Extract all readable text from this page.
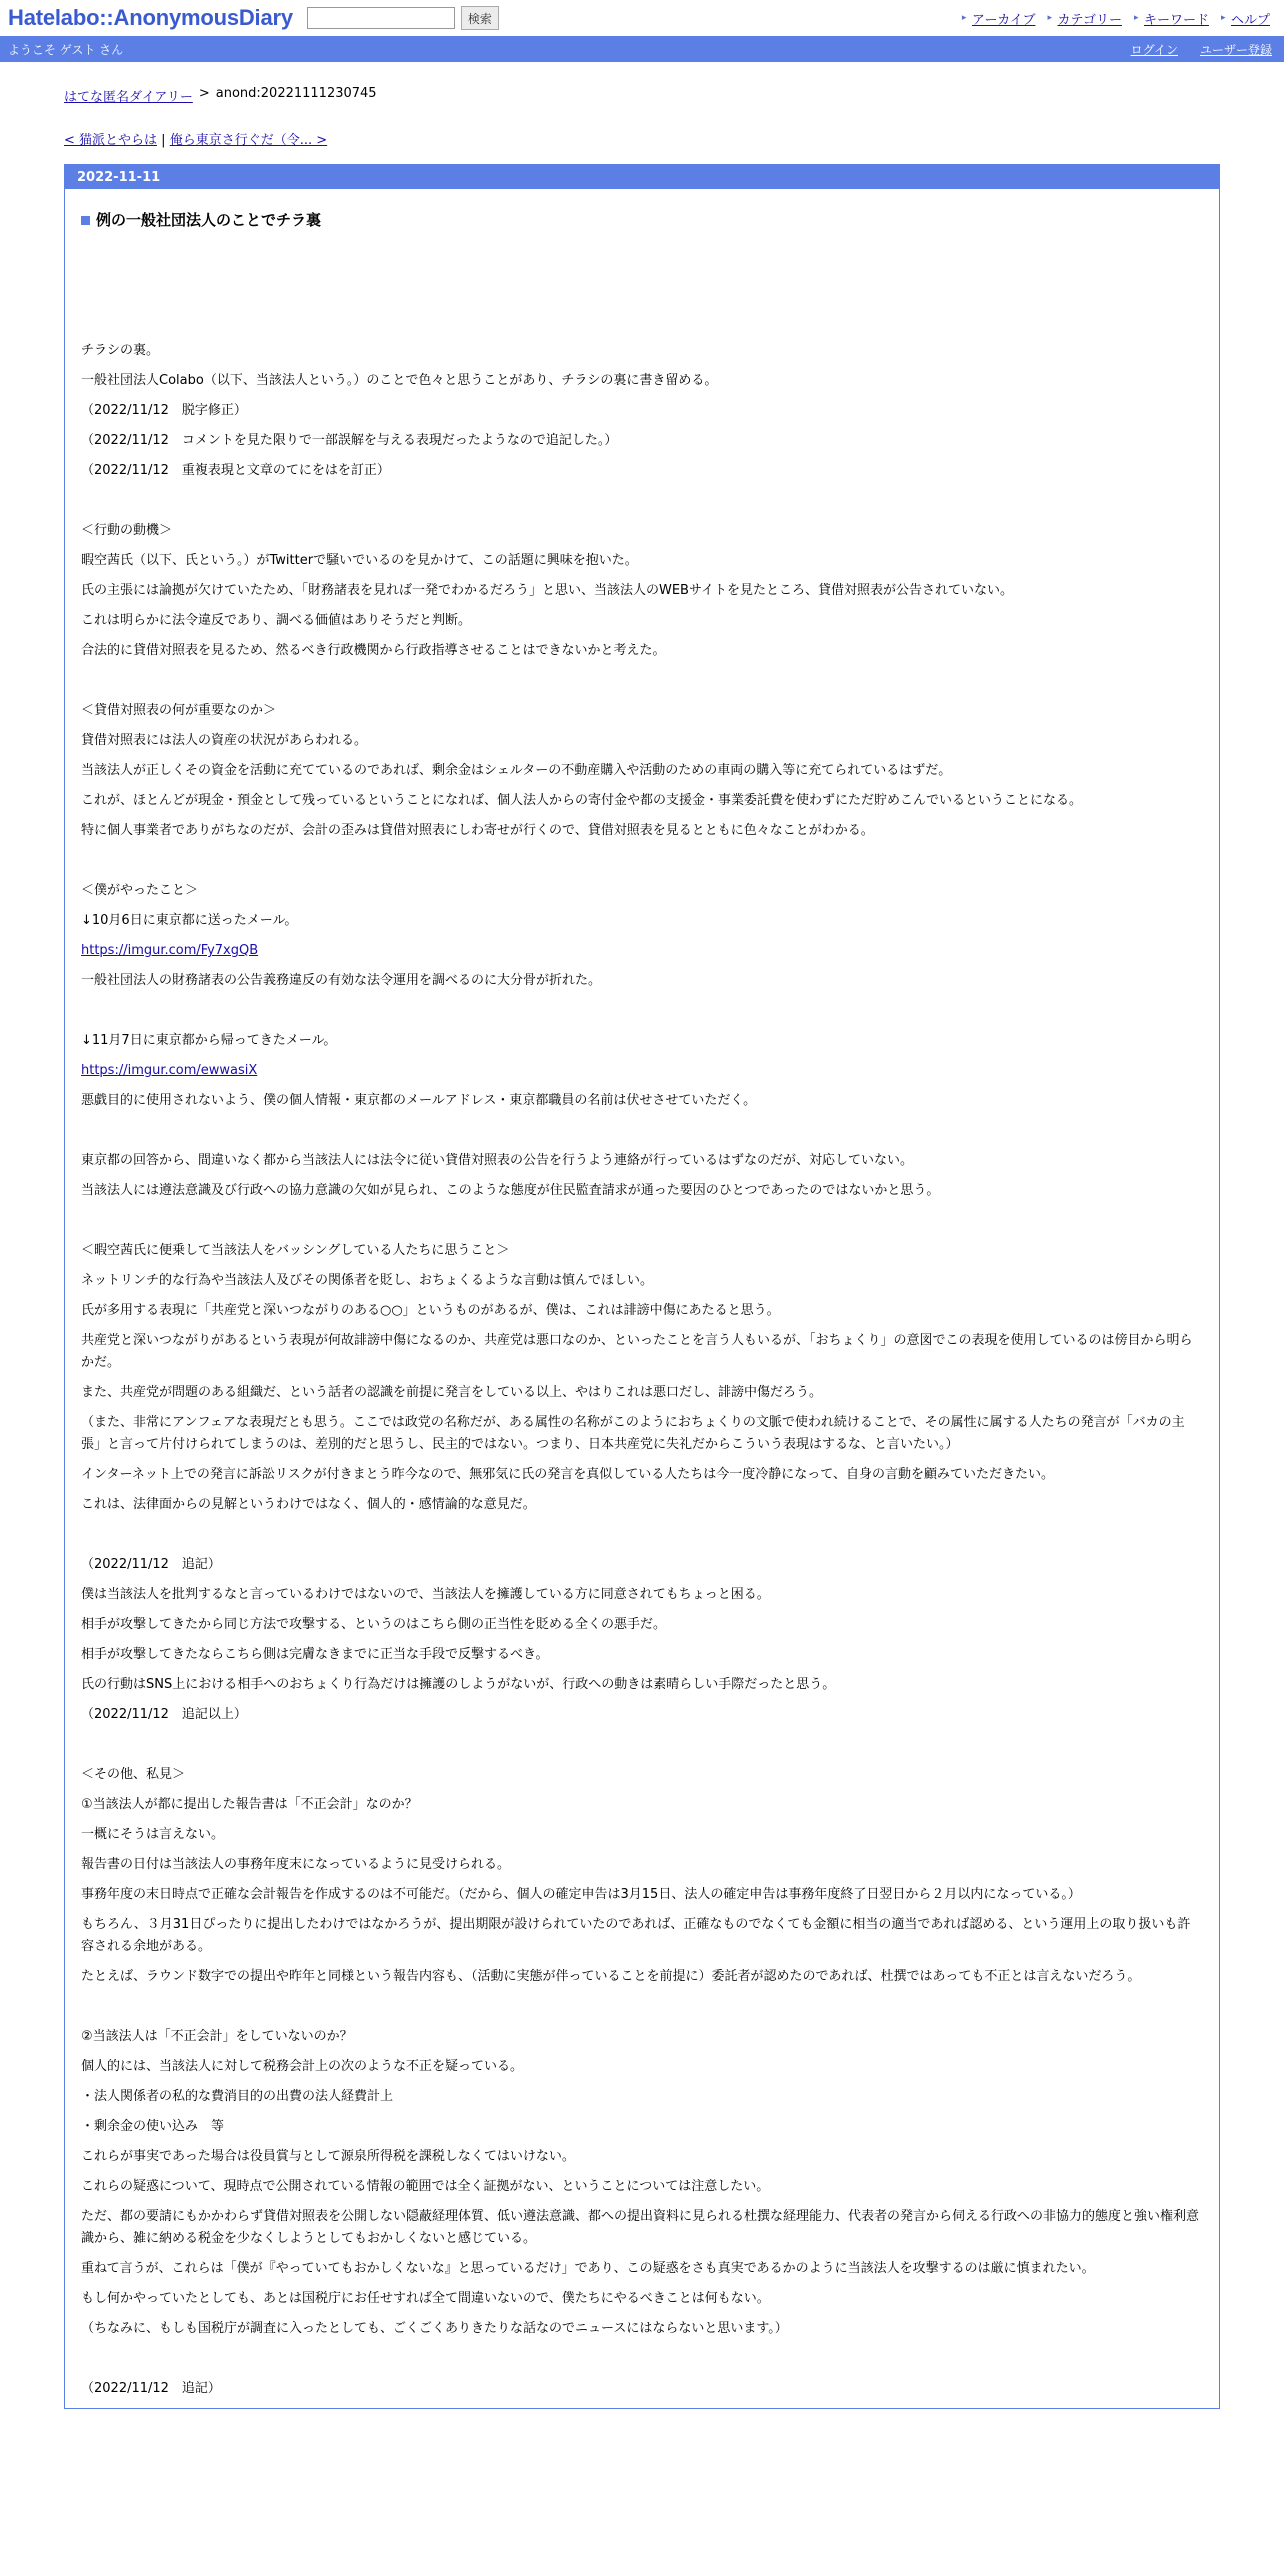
Hatelabo::AnonymousDiary	検索	▸ アーカイブ ▸ カテゴリー ▸ キーワード ▸ ヘルプ
ようこそ ゲスト さん	ログイン ユーザー登録
はてな匿名ダイアリー > anond:20221111230745
< 猫派とやらは | 俺ら東京さ行ぐだ（令... >
2022-11-11
例の一般社団法人のことでチラ裏

チラシの裏。

一般社団法人Colabo（以下、当該法人という。）のことで色々と思うことがあり、チラシの裏に書き留める。

（2022/11/12　脱字修正）

（2022/11/12　コメントを見た限りで一部誤解を与える表現だったようなので追記した。）

（2022/11/12　重複表現と文章のてにをはを訂正）

＜行動の動機＞

暇空茜氏（以下、氏という。）がTwitterで騒いでいるのを見かけて、この話題に興味を抱いた。

氏の主張には論拠が欠けていたため、「財務諸表を見れば一発でわかるだろう」と思い、当該法人のWEBサイトを見たところ、貸借対照表が公告されていない。

これは明らかに法令違反であり、調べる価値はありそうだと判断。

合法的に貸借対照表を見るため、然るべき行政機関から行政指導させることはできないかと考えた。

＜貸借対照表の何が重要なのか＞

貸借対照表には法人の資産の状況があらわれる。

当該法人が正しくその資金を活動に充てているのであれば、剰余金はシェルターの不動産購入や活動のための車両の購入等に充てられているはずだ。

これが、ほとんどが現金・預金として残っているということになれば、個人法人からの寄付金や都の支援金・事業委託費を使わずにただ貯めこんでいるということになる。

特に個人事業者でありがちなのだが、会計の歪みは貸借対照表にしわ寄せが行くので、貸借対照表を見るとともに色々なことがわかる。

＜僕がやったこと＞

↓10月6日に東京都に送ったメール。

https://imgur.com/Fy7xgQB

一般社団法人の財務諸表の公告義務違反の有効な法令運用を調べるのに大分骨が折れた。

↓11月7日に東京都から帰ってきたメール。

https://imgur.com/ewwasiX

悪戯目的に使用されないよう、僕の個人情報・東京都のメールアドレス・東京都職員の名前は伏せさせていただく。

東京都の回答から、間違いなく都から当該法人には法令に従い貸借対照表の公告を行うよう連絡が行っているはずなのだが、対応していない。

当該法人には遵法意識及び行政への協力意識の欠如が見られ、このような態度が住民監査請求が通った要因のひとつであったのではないかと思う。

＜暇空茜氏に便乗して当該法人をバッシングしている人たちに思うこと＞

ネットリンチ的な行為や当該法人及びその関係者を貶し、おちょくるような言動は慎んでほしい。

氏が多用する表現に「共産党と深いつながりのある○○」というものがあるが、僕は、これは誹謗中傷にあたると思う。

共産党と深いつながりがあるという表現が何故誹謗中傷になるのか、共産党は悪口なのか、といったことを言う人もいるが、「おちょくり」の意図でこの表現を使用しているのは傍目から明らかだ。

また、共産党が問題のある組織だ、という話者の認識を前提に発言をしている以上、やはりこれは悪口だし、誹謗中傷だろう。

（また、非常にアンフェアな表現だとも思う。ここでは政党の名称だが、ある属性の名称がこのようにおちょくりの文脈で使われ続けることで、その属性に属する人たちの発言が「バカの主張」と言って片付けられてしまうのは、差別的だと思うし、民主的ではない。つまり、日本共産党に失礼だからこういう表現はするな、と言いたい。）

インターネット上での発言に訴訟リスクが付きまとう昨今なので、無邪気に氏の発言を真似している人たちは今一度冷静になって、自身の言動を顧みていただきたい。

これは、法律面からの見解というわけではなく、個人的・感情論的な意見だ。

（2022/11/12　追記）

僕は当該法人を批判するなと言っているわけではないので、当該法人を擁護している方に同意されてもちょっと困る。

相手が攻撃してきたから同じ方法で攻撃する、というのはこちら側の正当性を貶める全くの悪手だ。

相手が攻撃してきたならこちら側は完膚なきまでに正当な手段で反撃するべき。

氏の行動はSNS上における相手へのおちょくり行為だけは擁護のしようがないが、行政への動きは素晴らしい手際だったと思う。

（2022/11/12　追記以上）

＜その他、私見＞

①当該法人が都に提出した報告書は「不正会計」なのか？

一概にそうは言えない。

報告書の日付は当該法人の事務年度末になっているように見受けられる。

事務年度の末日時点で正確な会計報告を作成するのは不可能だ。（だから、個人の確定申告は3月15日、法人の確定申告は事務年度終了日翌日から２月以内になっている。）

もちろん、３月31日ぴったりに提出したわけではなかろうが、提出期限が設けられていたのであれば、正確なものでなくても金額に相当の適当であれば認める、という運用上の取り扱いも許容される余地がある。

たとえば、ラウンド数字での提出や昨年と同様という報告内容も、（活動に実態が伴っていることを前提に）委託者が認めたのであれば、杜撰ではあっても不正とは言えないだろう。

②当該法人は「不正会計」をしていないのか？

個人的には、当該法人に対して税務会計上の次のような不正を疑っている。

・法人関係者の私的な費消目的の出費の法人経費計上

・剰余金の使い込み　等

これらが事実であった場合は役員賞与として源泉所得税を課税しなくてはいけない。

これらの疑惑について、現時点で公開されている情報の範囲では全く証拠がない、ということについては注意したい。

ただ、都の要請にもかかわらず貸借対照表を公開しない隠蔽経理体質、低い遵法意識、都への提出資料に見られる杜撰な経理能力、代表者の発言から伺える行政への非協力的態度と強い権利意識から、雑に納める税金を少なくしようとしてもおかしくないと感じている。

重ねて言うが、これらは「僕が『やっていてもおかしくないな』と思っているだけ」であり、この疑惑をさも真実であるかのように当該法人を攻撃するのは厳に慎まれたい。

もし何かやっていたとしても、あとは国税庁にお任せすれば全て間違いないので、僕たちにやるべきことは何もない。

（ちなみに、もしも国税庁が調査に入ったとしても、ごくごくありきたりな話なのでニュースにはならないと思います。）

（2022/11/12　追記）
